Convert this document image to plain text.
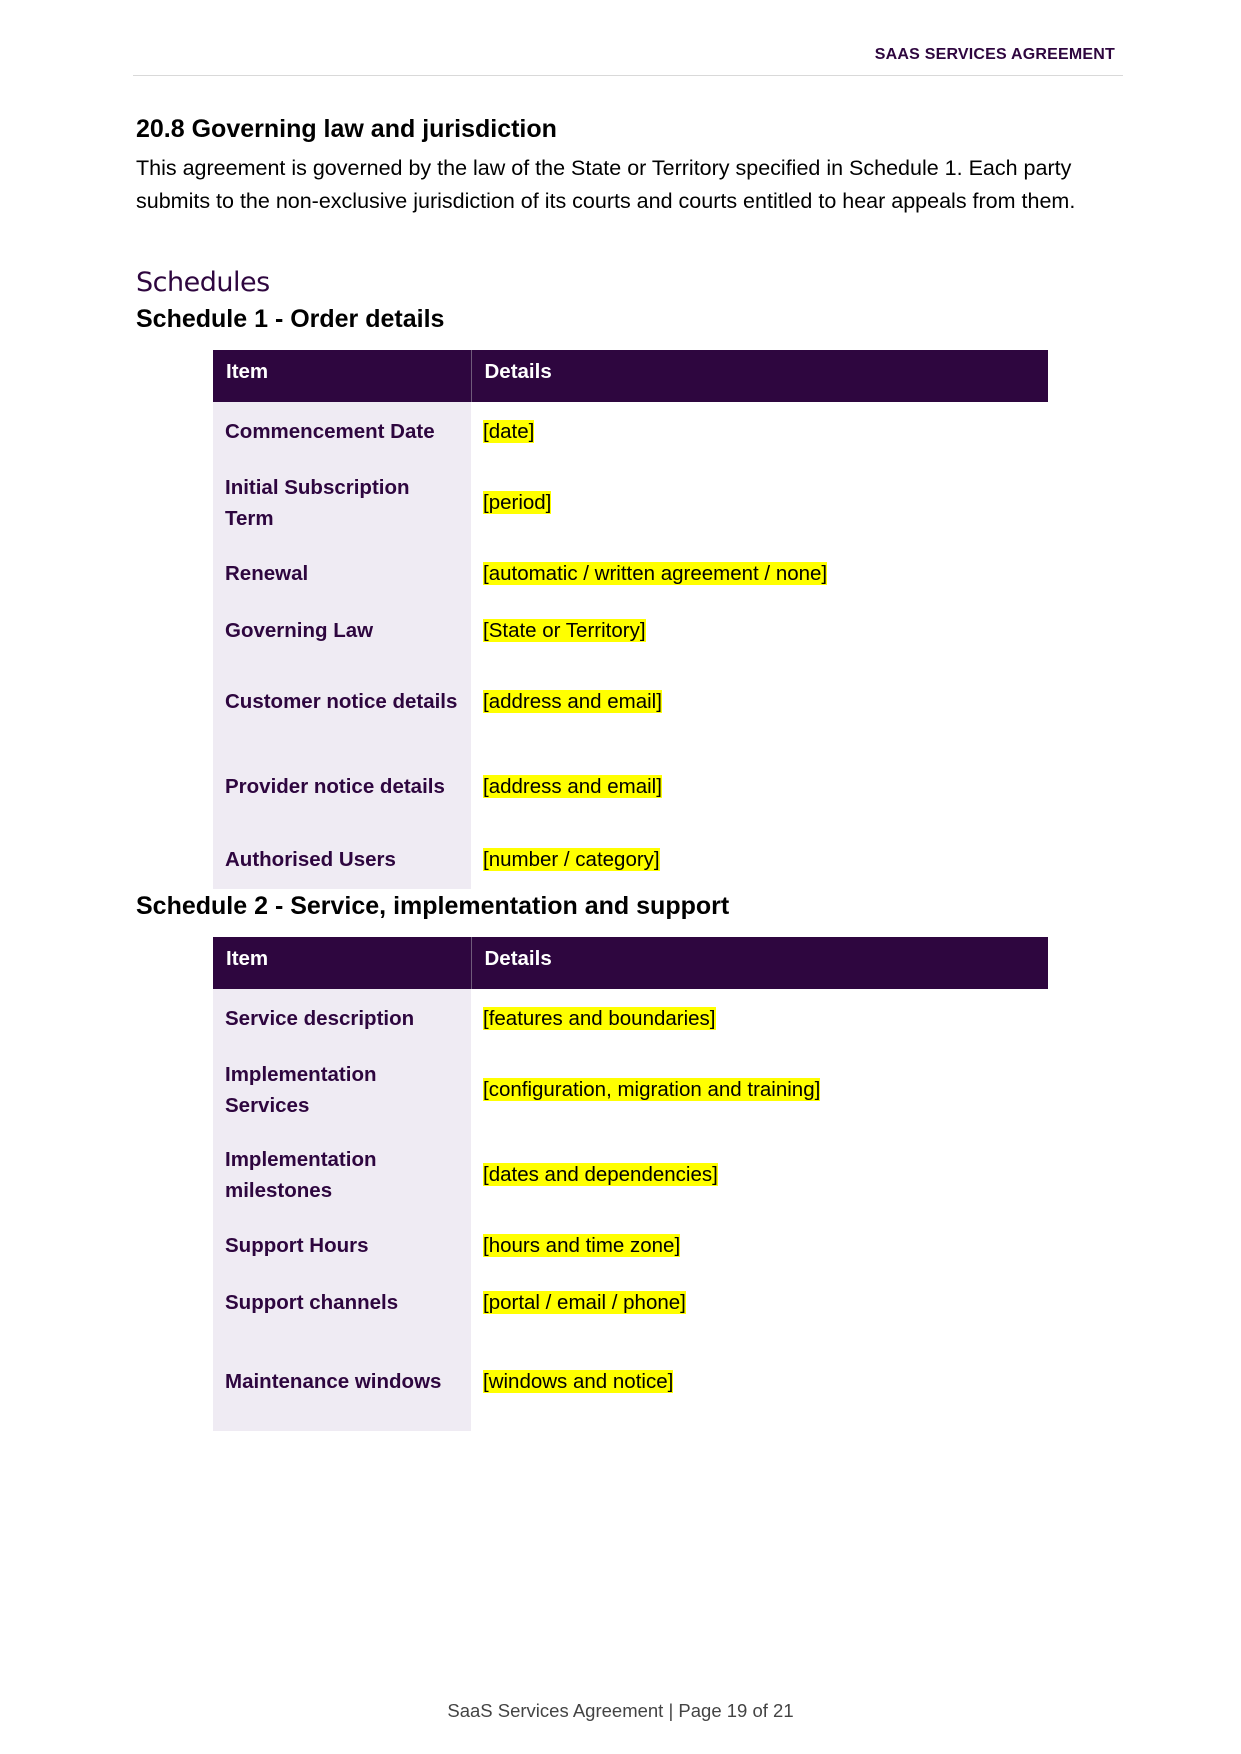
SAAS SERVICES AGREEMENT
20.8 Governing law and jurisdiction

This agreement is governed by the law of the State or Territory specified in Schedule 1. Each party submits to the non-exclusive jurisdiction of its courts and courts entitled to hear appeals from them.

Schedules
Schedule 1 - Order details
Item	Details
Commencement Date	[date]
Initial Subscription Term	[period]
Renewal	[automatic / written agreement / none]
Governing Law	[State or Territory]
Customer notice details	[address and email]
Provider notice details	[address and email]
Authorised Users	[number / category]
Schedule 2 - Service, implementation and support
Item	Details
Service description	[features and boundaries]
Implementation Services	[configuration, migration and training]
Implementation milestones	[dates and dependencies]
Support Hours	[hours and time zone]
Support channels	[portal / email / phone]
Maintenance windows	[windows and notice]
SaaS Services Agreement | Page 19 of 21
